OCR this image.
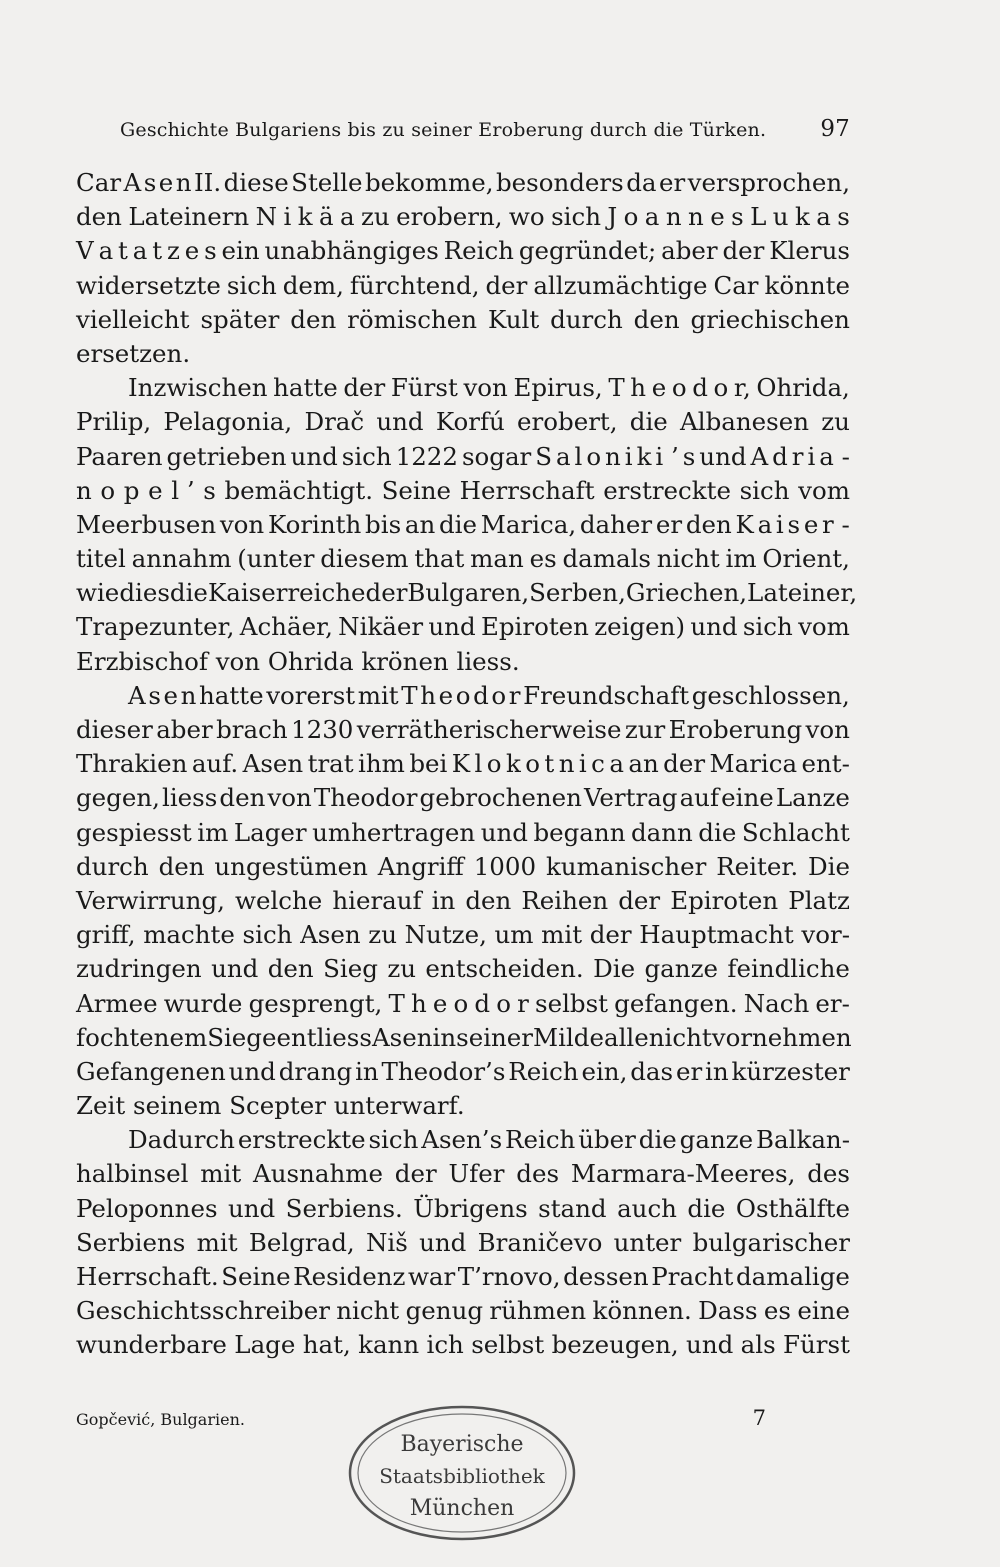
Geschichte Bulgariens bis zu seiner Eroberung durch die Türken. 97
Car A s e n II. diese Stelle bekomme, besonders da er versprochen,
den Lateinern N i k ä a zu erobern, wo sich J o a n n e s L u k a s
V a t a t z e s ein unabhängiges Reich gegründet; aber der Klerus
widersetzte sich dem, fürchtend, der allzumächtige Car könnte
vielleicht später den römischen Kult durch den griechischen
ersetzen.
Inzwischen hatte der Fürst von Epirus, T h e o d o r, Ohrida,
Prilip, Pelagonia, Drač und Korfú erobert, die Albanesen zu
Paaren getrieben und sich 1222 sogar S a l o n i k i ’ s und A d r i a -
n o p e l ’ s bemächtigt. Seine Herrschaft erstreckte sich vom
Meerbusen von Korinth bis an die Marica, daher er den K a i s e r -
titel annahm (unter diesem that man es damals nicht im Orient,
wie dies die Kaiserreiche der Bulgaren, Serben, Griechen, Lateiner,
Trapezunter, Achäer, Nikäer und Epiroten zeigen) und sich vom
Erzbischof von Ohrida krönen liess.
A s e n hatte vorerst mit T h e o d o r Freundschaft geschlossen,
dieser aber brach 1230 verrätherischerweise zur Eroberung von
Thrakien auf. Asen trat ihm bei K l o k o t n i c a an der Marica ent-
gegen, liess den von Theodor gebrochenen Vertrag auf eine Lanze
gespiesst im Lager umhertragen und begann dann die Schlacht
durch den ungestümen Angriff 1000 kumanischer Reiter. Die
Verwirrung, welche hierauf in den Reihen der Epiroten Platz
griff, machte sich Asen zu Nutze, um mit der Hauptmacht vor-
zudringen und den Sieg zu entscheiden. Die ganze feindliche
Armee wurde gesprengt, T h e o d o r selbst gefangen. Nach er-
fochtenem Siege entliess Asen in seiner Milde alle nichtvornehmen
Gefangenen und drang in Theodor’s Reich ein, das er in kürzester
Zeit seinem Scepter unterwarf.
Dadurch erstreckte sich Asen’s Reich über die ganze Balkan-
halbinsel mit Ausnahme der Ufer des Marmara-Meeres, des
Peloponnes und Serbiens. Übrigens stand auch die Osthälfte
Serbiens mit Belgrad, Niš und Braničevo unter bulgarischer
Herrschaft. Seine Residenz war T’rnovo, dessen Pracht damalige
Geschichtsschreiber nicht genug rühmen können. Dass es eine
wunderbare Lage hat, kann ich selbst bezeugen, und als Fürst
Gopčević, Bulgarien.	7
Bayerische
Staatsbibliothek
München
